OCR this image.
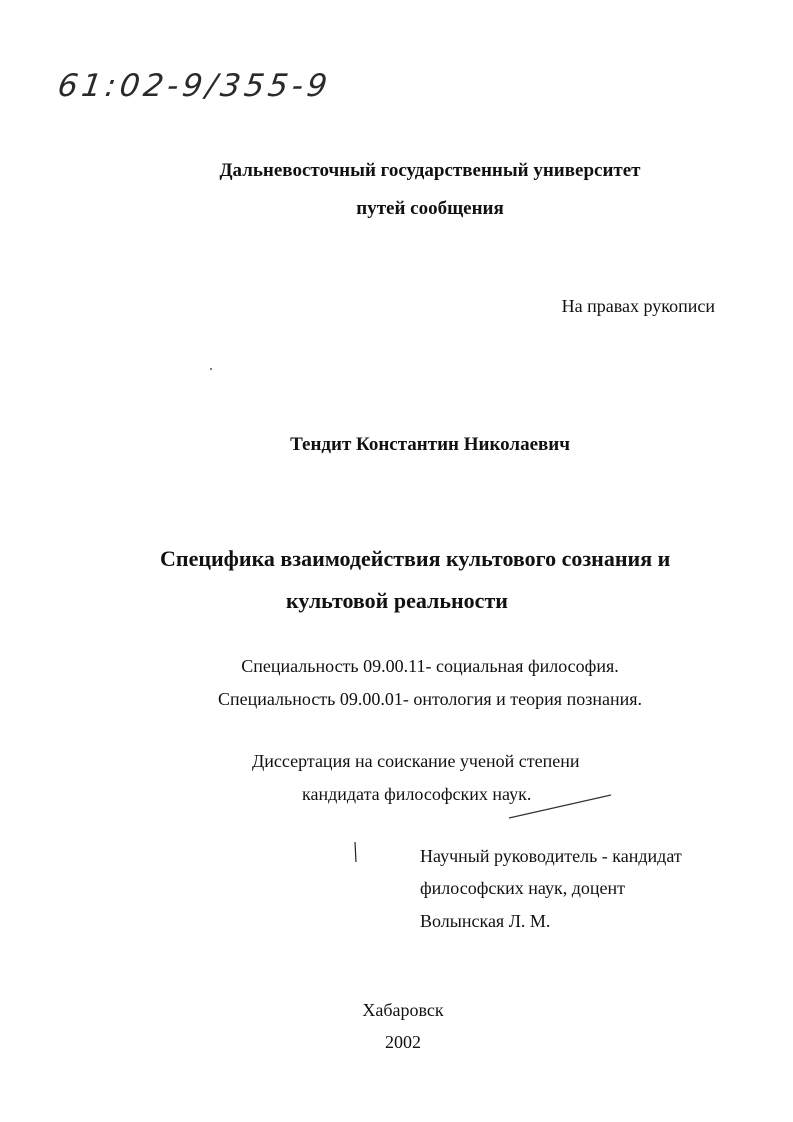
61:02-9/355-9
Дальневосточный государственный университет
путей сообщения
На правах рукописи
Тендит Константин Николаевич
Специфика взаимодействия культового сознания и
культовой реальности
Специальность 09.00.11- социальная философия.
Специальность 09.00.01- онтология и теория познания.
Диссертация на соискание ученой степени
кандидата философских наук.
Научный руководитель - кандидат
философских наук, доцент
Волынская Л. М.
Хабаровск
2002
